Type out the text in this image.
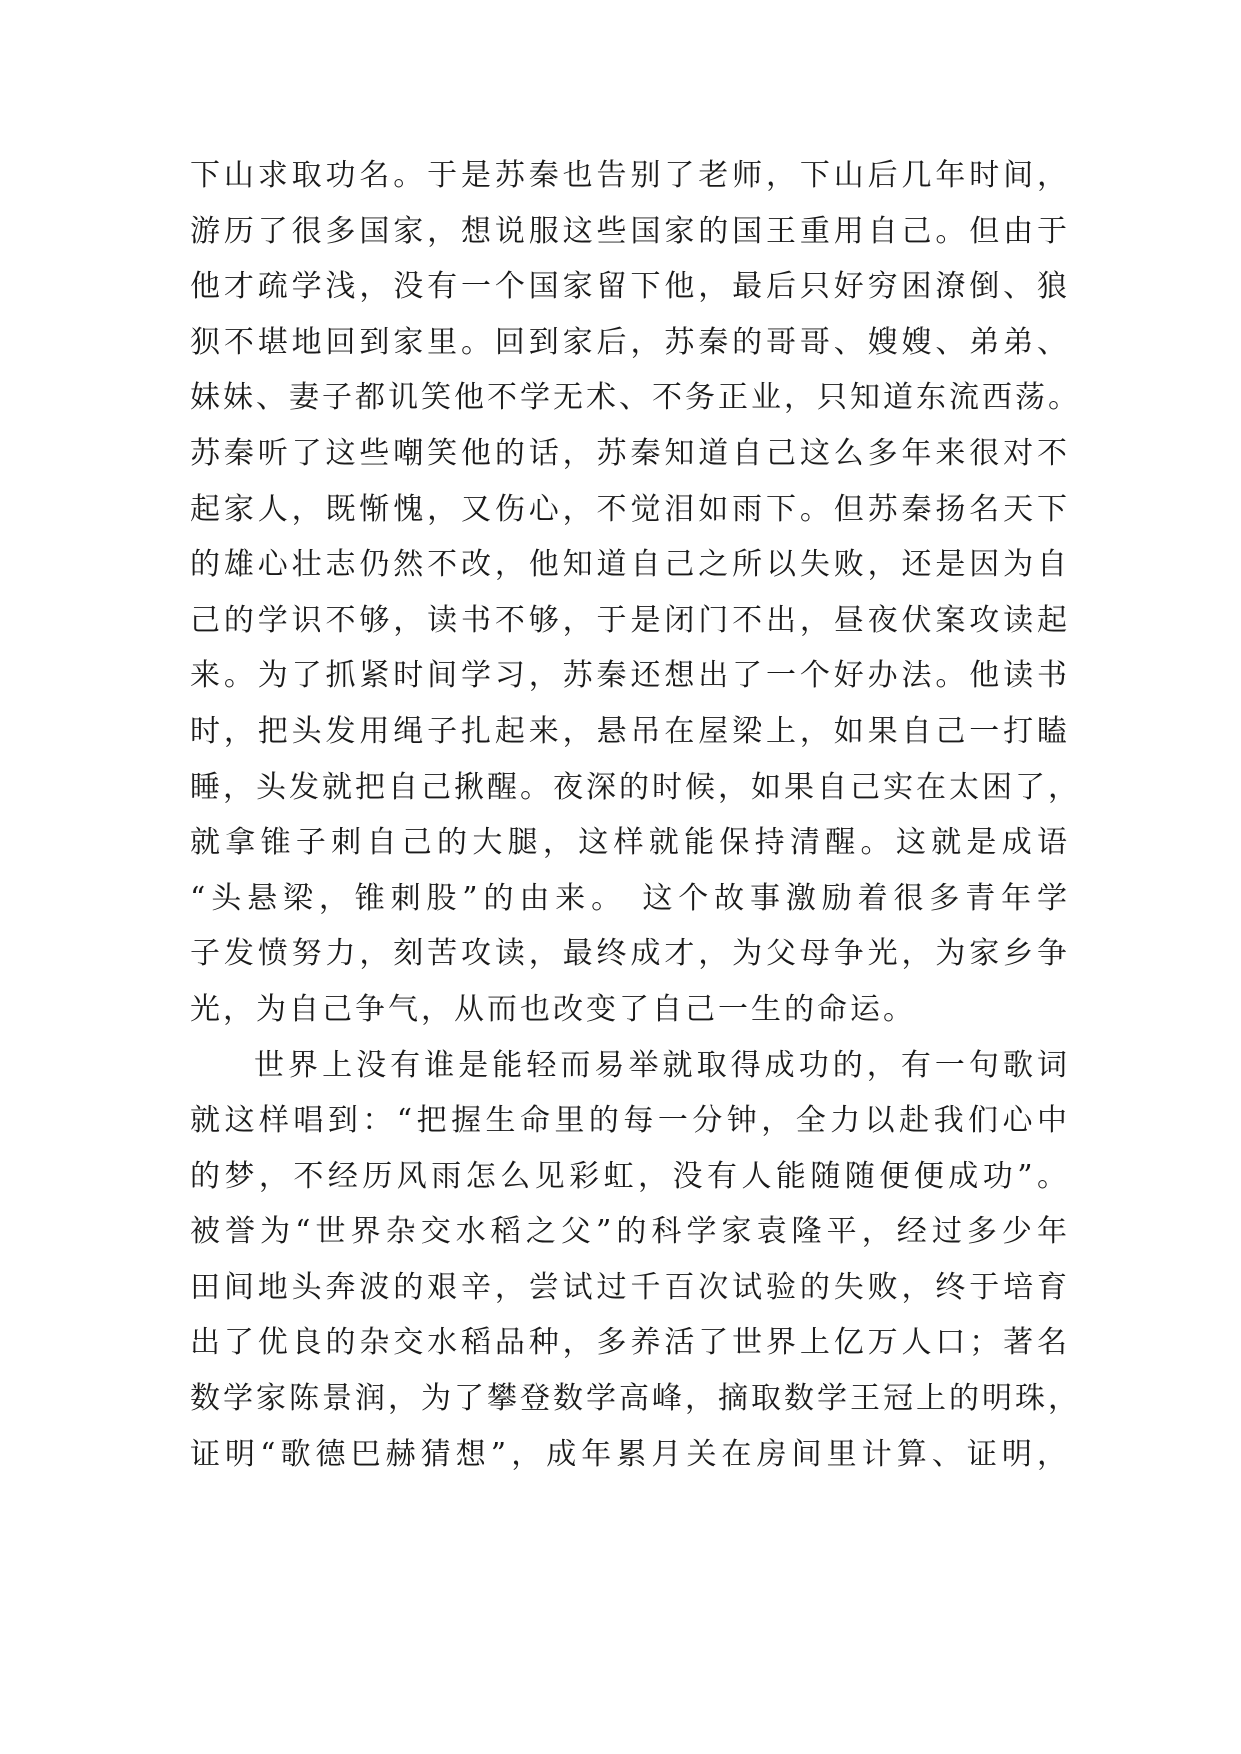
下山求取功名。于是苏秦也告别了老师，下山后几年时间，
游历了很多国家，想说服这些国家的国王重用自己。但由于
他才疏学浅，没有一个国家留下他，最后只好穷困潦倒、狼
狈不堪地回到家里。回到家后，苏秦的哥哥、嫂嫂、弟弟、
妹妹、妻子都讥笑他不学无术、不务正业，只知道东流西荡。
苏秦听了这些嘲笑他的话，苏秦知道自己这么多年来很对不
起家人，既惭愧，又伤心，不觉泪如雨下。但苏秦扬名天下
的雄心壮志仍然不改，他知道自己之所以失败，还是因为自
己的学识不够，读书不够，于是闭门不出，昼夜伏案攻读起
来。为了抓紧时间学习，苏秦还想出了一个好办法。他读书
时，把头发用绳子扎起来，悬吊在屋梁上，如果自己一打瞌
睡，头发就把自己揪醒。夜深的时候，如果自己实在太困了，
就拿锥子刺自己的大腿，这样就能保持清醒。这就是成语
“头悬梁，锥刺股”的由来。 这个故事激励着很多青年学
子发愤努力，刻苦攻读，最终成才，为父母争光，为家乡争
光，为自己争气，从而也改变了自己一生的命运。
世界上没有谁是能轻而易举就取得成功的，有一句歌词
就这样唱到：“把握生命里的每一分钟，全力以赴我们心中
的梦，不经历风雨怎么见彩虹，没有人能随随便便成功”。
被誉为“世界杂交水稻之父”的科学家袁隆平，经过多少年
田间地头奔波的艰辛，尝试过千百次试验的失败，终于培育
出了优良的杂交水稻品种，多养活了世界上亿万人口；著名
数学家陈景润，为了攀登数学高峰，摘取数学王冠上的明珠，
证明“歌德巴赫猜想”，成年累月关在房间里计算、证明，
